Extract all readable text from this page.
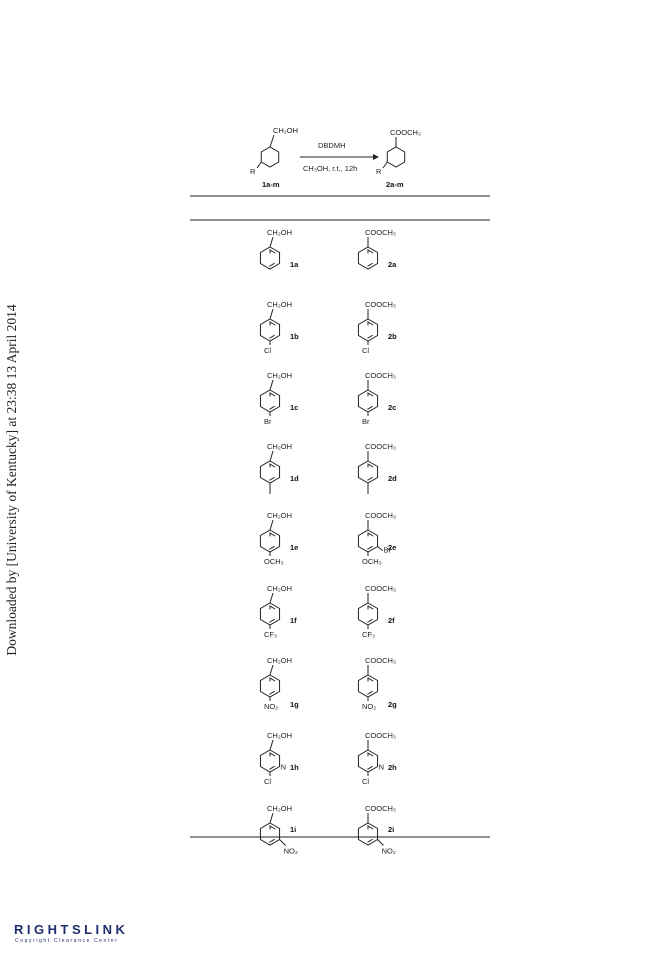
Downloaded by [University of Kentucky] at 23:38 13 April 2014
CH₂OH
R
1a-m
DBDMH
CH₃OH, r.t., 12h
COOCH₃
R
2a-m
CH₂OH
1a
COOCH₃
2a
CH₂OH
Cl
1b
COOCH₃
Cl
2b
CH₂OH
Br
1c
COOCH₃
Br
2c
CH₂OH
1d
COOCH₃
2d
CH₂OH
OCH₃
1e
COOCH₃
OCH₃
Br
2e
CH₂OH
CF₃
1f
COOCH₃
CF₃
2f
CH₂OH
NO₂ 1g
COOCH₃
NO₂ 2g
CH₂OH
Cl
N 1h
COOCH₃
Cl
N 2h
CH₂OH
NO₂
1i
COOCH₃
NO₂
2i
RIGHTSLINK
Copyright Clearance Center
